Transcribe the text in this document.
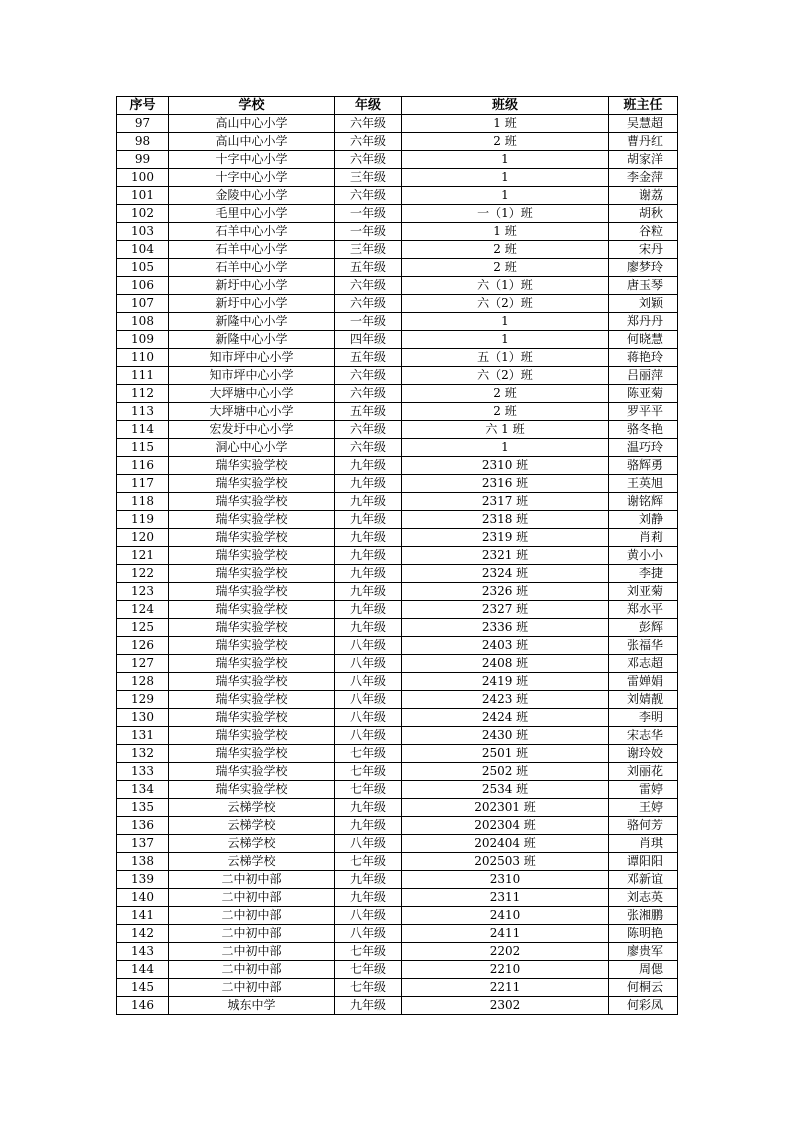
序号	学校	年级	班级	班主任
97	高山中心小学	六年级	1 班	吴慧超
98	高山中心小学	六年级	2 班	曹丹红
99	十字中心小学	六年级	1	胡家洋
100	十字中心小学	三年级	1	李金萍
101	金陵中心小学	六年级	1	谢荔
102	毛里中心小学	一年级	一（1）班	胡秋
103	石羊中心小学	一年级	1 班	谷粒
104	石羊中心小学	三年级	2 班	宋丹
105	石羊中心小学	五年级	2 班	廖梦玲
106	新圩中心小学	六年级	六（1）班	唐玉琴
107	新圩中心小学	六年级	六（2）班	刘颖
108	新隆中心小学	一年级	1	郑丹丹
109	新隆中心小学	四年级	1	何晓慧
110	知市坪中心小学	五年级	五（1）班	蒋艳玲
111	知市坪中心小学	六年级	六（2）班	吕丽萍
112	大坪塘中心小学	六年级	2 班	陈亚菊
113	大坪塘中心小学	五年级	2 班	罗平平
114	宏发圩中心小学	六年级	六 1 班	骆冬艳
115	洞心中心小学	六年级	1	温巧玲
116	瑞华实验学校	九年级	2310 班	骆辉勇
117	瑞华实验学校	九年级	2316 班	王英旭
118	瑞华实验学校	九年级	2317 班	谢铭辉
119	瑞华实验学校	九年级	2318 班	刘静
120	瑞华实验学校	九年级	2319 班	肖莉
121	瑞华实验学校	九年级	2321 班	黄小小
122	瑞华实验学校	九年级	2324 班	李捷
123	瑞华实验学校	九年级	2326 班	刘亚菊
124	瑞华实验学校	九年级	2327 班	郑水平
125	瑞华实验学校	九年级	2336 班	彭辉
126	瑞华实验学校	八年级	2403 班	张福华
127	瑞华实验学校	八年级	2408 班	邓志超
128	瑞华实验学校	八年级	2419 班	雷婵娟
129	瑞华实验学校	八年级	2423 班	刘婧靓
130	瑞华实验学校	八年级	2424 班	李明
131	瑞华实验学校	八年级	2430 班	宋志华
132	瑞华实验学校	七年级	2501 班	谢玲姣
133	瑞华实验学校	七年级	2502 班	刘丽花
134	瑞华实验学校	七年级	2534 班	雷婷
135	云梯学校	九年级	202301 班	王婷
136	云梯学校	九年级	202304 班	骆何芳
137	云梯学校	八年级	202404 班	肖琪
138	云梯学校	七年级	202503 班	谭阳阳
139	二中初中部	九年级	2310	邓新谊
140	二中初中部	九年级	2311	刘志英
141	二中初中部	八年级	2410	张湘鹏
142	二中初中部	八年级	2411	陈明艳
143	二中初中部	七年级	2202	廖贵军
144	二中初中部	七年级	2210	周偲
145	二中初中部	七年级	2211	何桐云
146	城东中学	九年级	2302	何彩凤
